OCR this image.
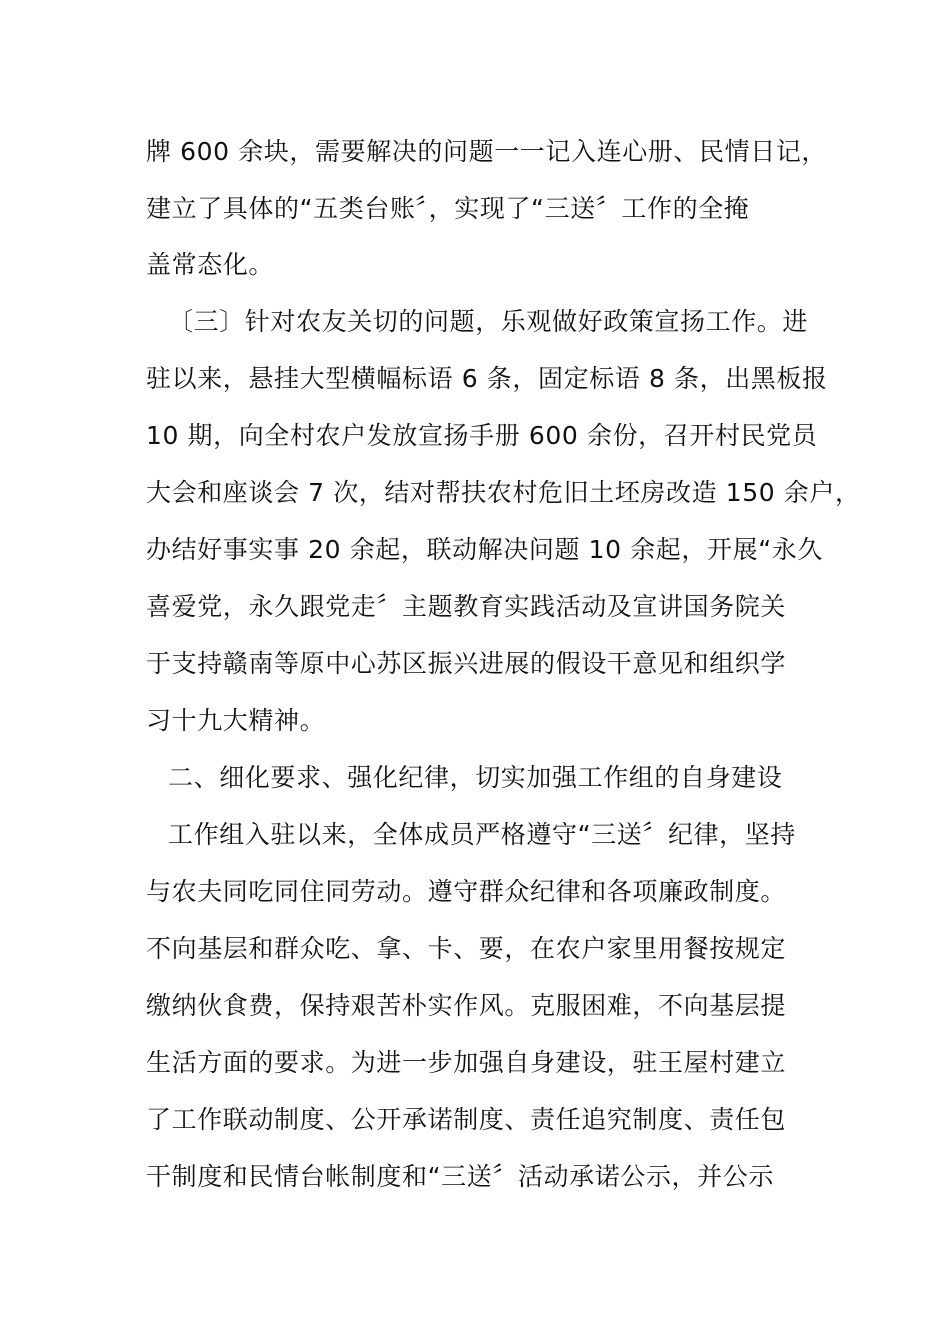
牌 600 余块，需要解决的问题一一记入连心册、民情日记，

建立了具体的“五类台账〞，实现了“三送〞工作的全掩

盖常态化。

〔三〕针对农友关切的问题，乐观做好政策宣扬工作。进

驻以来，悬挂大型横幅标语 6 条，固定标语 8 条，出黑板报

10 期，向全村农户发放宣扬手册 600 余份，召开村民党员

大会和座谈会 7 次，结对帮扶农村危旧土坯房改造 150 余户，

办结好事实事 20 余起，联动解决问题 10 余起，开展“永久

喜爱党，永久跟党走〞主题教育实践活动及宣讲国务院关

于支持赣南等原中心苏区振兴进展的假设干意见和组织学

习十九大精神。

二、细化要求、强化纪律，切实加强工作组的自身建设

工作组入驻以来，全体成员严格遵守“三送〞纪律，坚持

与农夫同吃同住同劳动。遵守群众纪律和各项廉政制度。

不向基层和群众吃、拿、卡、要，在农户家里用餐按规定

缴纳伙食费，保持艰苦朴实作风。克服困难，不向基层提

生活方面的要求。为进一步加强自身建设，驻王屋村建立

了工作联动制度、公开承诺制度、责任追究制度、责任包

干制度和民情台帐制度和“三送〞活动承诺公示，并公示
